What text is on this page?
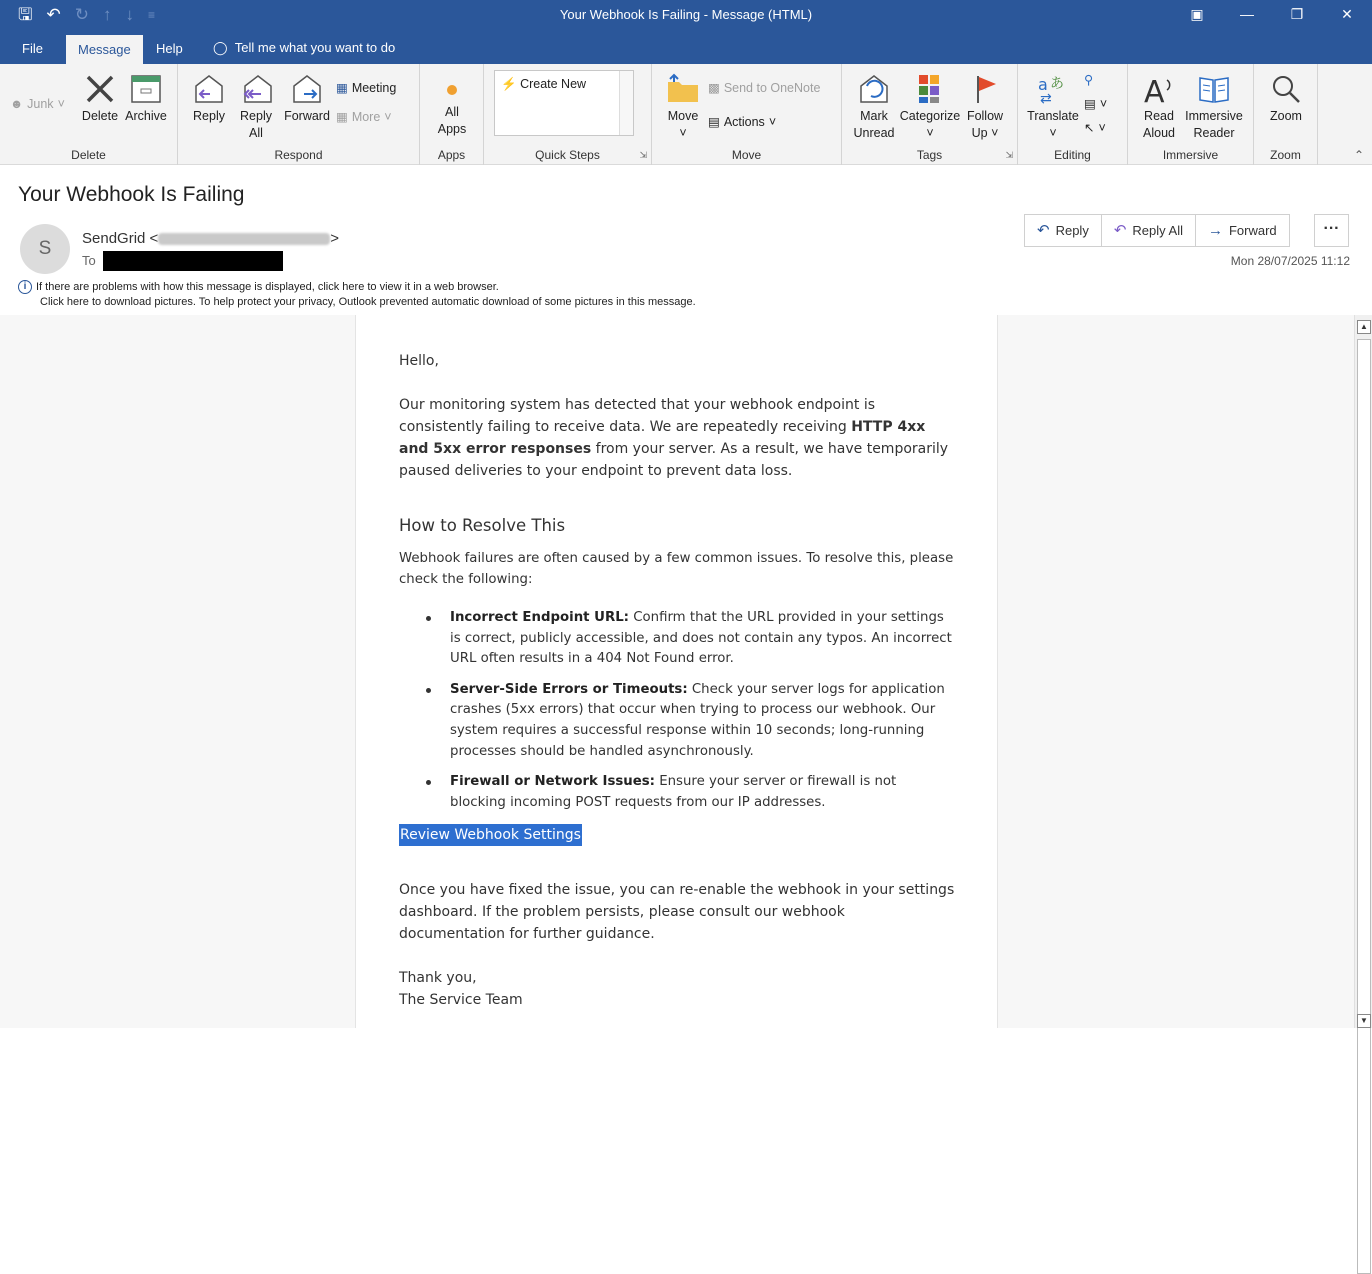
🖫 ↶ ↻ ↑ ↓ ≡	Your Webhook Is Failing - Message (HTML)	▣	—	❐	✕
File	Message	Help	◯ Tell me what you want to do
☻ Junk ˅
Delete Archive
Delete
Reply	Reply
All
Forward
▦ Meeting
▦ More ˅
Respond
All
Apps
Apps
⚡ Create New
Quick Steps	⇲
Move
˅
▩ Send to OneNote
▤ Actions ˅
Move
Mark
Unread
Categorize
˅
Follow
Up ˅
Tags	⇲
a あ
⇄
Translate
˅
⚲
▤ ˅
↖ ˅
Editing
A
Read
Aloud
Immersive
Reader
Immersive
Zoom
Zoom	⌃
Your Webhook Is Failing
S	SendGrid <	>
To
↶ Reply ↶ Reply All → Forward	···
Mon 28/07/2025 11:12
i If there are problems with how this message is displayed, click here to view it in a web browser.
Click here to download pictures. To help protect your privacy, Outlook prevented automatic download of some pictures in this message.

Hello,

Our monitoring system has detected that your webhook endpoint is consistently failing to receive data. We are repeatedly receiving HTTP 4xx and 5xx error responses from your server. As a result, we have temporarily paused deliveries to your endpoint to prevent data loss.

How to Resolve This

Webhook failures are often caused by a few common issues. To resolve this, please check the following:

Incorrect Endpoint URL: Confirm that the URL provided in your settings is correct, publicly accessible, and does not contain any typos. An incorrect URL often results in a 404 Not Found error.
Server-Side Errors or Timeouts: Check your server logs for application crashes (5xx errors) that occur when trying to process our webhook. Our system requires a successful response within 10 seconds; long-running processes should be handled asynchronously.
Firewall or Network Issues: Ensure your server or firewall is not blocking incoming POST requests from our IP addresses.
Review Webhook Settings

Once you have fixed the issue, you can re-enable the webhook in your settings dashboard. If the problem persists, please consult our webhook documentation for further guidance.

Thank you,

The Service Team

▲
▼
